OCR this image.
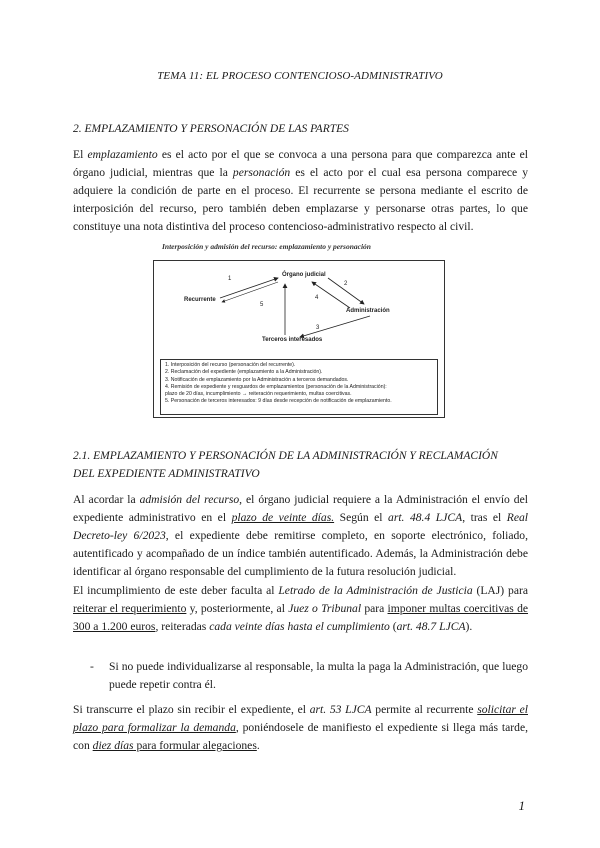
TEMA 11: EL PROCESO CONTENCIOSO-ADMINISTRATIVO
2. EMPLAZAMIENTO Y PERSONACIÓN DE LAS PARTES
El emplazamiento es el acto por el que se convoca a una persona para que comparezca ante el órgano judicial, mientras que la personación es el acto por el cual esa persona comparece y adquiere la condición de parte en el proceso. El recurrente se persona mediante el escrito de interposición del recurso, pero también deben emplazarse y personarse otras partes, lo que constituye una nota distintiva del proceso contencioso-administrativo respecto al civil.
Interposición y admisión del recurso: emplazamiento y personación
Órgano judicial
Recurrente
Administración
Terceros interesados
1
2
3
4
5
1. Interposición del recurso (personación del recurrente).
2. Reclamación del expediente (emplazamiento a la Administración).
3. Notificación de emplazamiento por la Administración a terceros demandados.
4. Remisión de expediente y resguardos de emplazamientos (personación de la Administración):
plazo de 20 días, incumplimiento → reiteración requerimiento, multas coercitivas.
5. Personación de terceros interesados: 9 días desde recepción de notificación de emplazamiento.
2.1. EMPLAZAMIENTO Y PERSONACIÓN DE LA ADMINISTRACIÓN Y RECLAMACIÓN
DEL EXPEDIENTE ADMINISTRATIVO
Al acordar la admisión del recurso, el órgano judicial requiere a la Administración el envío del expediente administrativo en el plazo de veinte días. Según el art. 48.4 LJCA, tras el Real Decreto-ley 6/2023, el expediente debe remitirse completo, en soporte electrónico, foliado, autentificado y acompañado de un índice también autentificado. Además, la Administración debe identificar al órgano responsable del cumplimiento de la futura resolución judicial.
El incumplimiento de este deber faculta al Letrado de la Administración de Justicia (LAJ) para reiterar el requerimiento y, posteriormente, al Juez o Tribunal para imponer multas coercitivas de 300 a 1.200 euros, reiteradas cada veinte días hasta el cumplimiento (art. 48.7 LJCA).
- Si no puede individualizarse al responsable, la multa la paga la Administración, que luego puede repetir contra él.
Si transcurre el plazo sin recibir el expediente, el art. 53 LJCA permite al recurrente solicitar el plazo para formalizar la demanda, poniéndosele de manifiesto el expediente si llega más tarde, con diez días para formular alegaciones.
1
